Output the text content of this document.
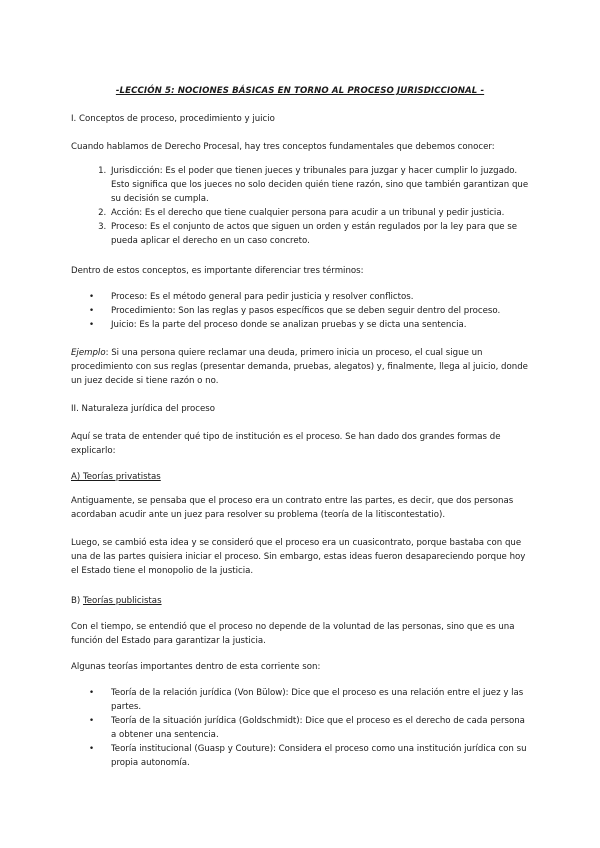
-LECCIÓN 5: NOCIONES BÁSICAS EN TORNO AL PROCESO JURISDICCIONAL -

I. Conceptos de proceso, procedimiento y juicio

Cuando hablamos de Derecho Procesal, hay tres conceptos fundamentales que debemos conocer:

1. Jurisdicción: Es el poder que tienen jueces y tribunales para juzgar y hacer cumplir lo juzgado. Esto significa que los jueces no solo deciden quién tiene razón, sino que también garantizan que su decisión se cumpla.
2. Acción: Es el derecho que tiene cualquier persona para acudir a un tribunal y pedir justicia.
3. Proceso: Es el conjunto de actos que siguen un orden y están regulados por la ley para que se pueda aplicar el derecho en un caso concreto.

Dentro de estos conceptos, es importante diferenciar tres términos:

• Proceso: Es el método general para pedir justicia y resolver conflictos.
• Procedimiento: Son las reglas y pasos específicos que se deben seguir dentro del proceso.
• Juicio: Es la parte del proceso donde se analizan pruebas y se dicta una sentencia.

Ejemplo: Si una persona quiere reclamar una deuda, primero inicia un proceso, el cual sigue un procedimiento con sus reglas (presentar demanda, pruebas, alegatos) y, finalmente, llega al juicio, donde un juez decide si tiene razón o no.

II. Naturaleza jurídica del proceso

Aquí se trata de entender qué tipo de institución es el proceso. Se han dado dos grandes formas de explicarlo:

A) Teorías privatistas

Antiguamente, se pensaba que el proceso era un contrato entre las partes, es decir, que dos personas acordaban acudir ante un juez para resolver su problema (teoría de la litiscontestatio).

Luego, se cambió esta idea y se consideró que el proceso era un cuasicontrato, porque bastaba con que una de las partes quisiera iniciar el proceso. Sin embargo, estas ideas fueron desapareciendo porque hoy el Estado tiene el monopolio de la justicia.

B) Teorías publicistas

Con el tiempo, se entendió que el proceso no depende de la voluntad de las personas, sino que es una función del Estado para garantizar la justicia.

Algunas teorías importantes dentro de esta corriente son:

• Teoría de la relación jurídica (Von Bülow): Dice que el proceso es una relación entre el juez y las partes.
• Teoría de la situación jurídica (Goldschmidt): Dice que el proceso es el derecho de cada persona a obtener una sentencia.
• Teoría institucional (Guasp y Couture): Considera el proceso como una institución jurídica con su propia autonomía.
